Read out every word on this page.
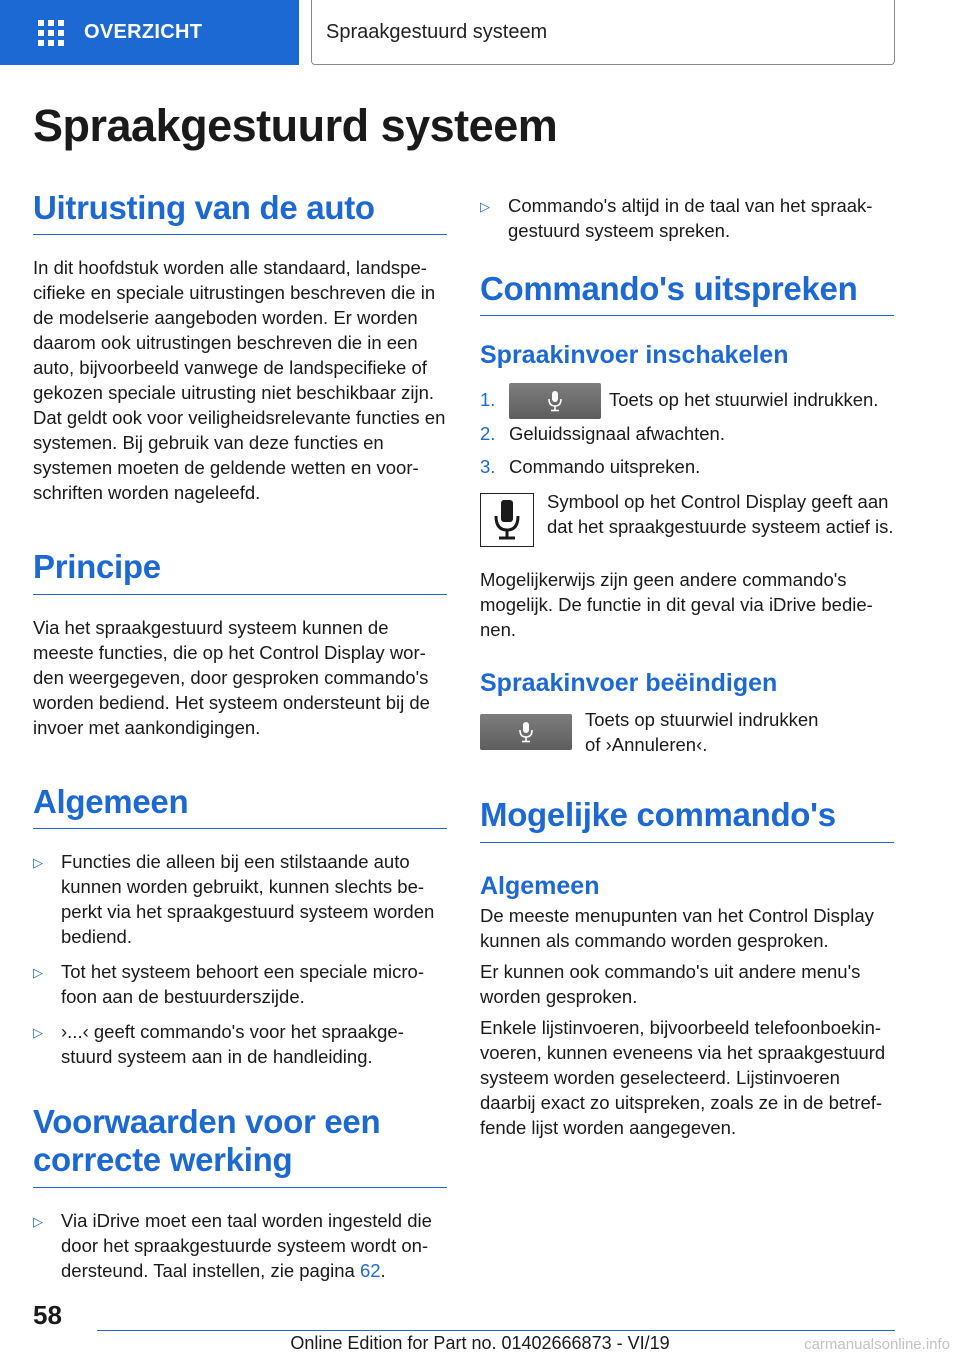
OVERZICHT	Spraakgestuurd systeem
Spraakgestuurd systeem
Uitrusting van de auto

In dit hoofdstuk worden alle standaard, landspe-cifieke en speciale uitrustingen beschreven die in de modelserie aangeboden worden. Er worden daarom ook uitrustingen beschreven die in een auto, bijvoorbeeld vanwege de landspecifieke of gekozen speciale uitrusting niet beschikbaar zijn. Dat geldt ook voor veiligheidsrelevante functies en systemen. Bij gebruik van deze functies en systemen moeten de geldende wetten en voor-schriften worden nageleefd.

Principe

Via het spraakgestuurd systeem kunnen de meeste functies, die op het Control Display wor-den weergegeven, door gesproken commando's worden bediend. Het systeem ondersteunt bij de invoer met aankondigingen.

Algemeen
▷ Functies die alleen bij een stilstaande auto kunnen worden gebruikt, kunnen slechts be-perkt via het spraakgestuurd systeem worden bediend.
▷ Tot het systeem behoort een speciale micro-foon aan de bestuurderszijde.
▷ ›...‹ geeft commando's voor het spraakge-stuurd systeem aan in de handleiding.
Voorwaarden voor een correcte werking
▷ Via iDrive moet een taal worden ingesteld die door het spraakgestuurde systeem wordt on-dersteund. Taal instellen, zie pagina 62.
▷ Commando's altijd in de taal van het spraak-gestuurd systeem spreken.
Commando's uitspreken
Spraakinvoer inschakelen
1.	Toets op het stuurwiel indrukken.
2. Geluidssignaal afwachten.
3. Commando uitspreken.

Symbool op het Control Display geeft aan dat het spraakgestuurde systeem actief is.

Mogelijkerwijs zijn geen andere commando's mogelijk. De functie in dit geval via iDrive bedie-nen.

Spraakinvoer beëindigen

Toets op stuurwiel indrukken of ›Annuleren‹.

Mogelijke commando's
Algemeen

De meeste menupunten van het Control Display kunnen als commando worden gesproken.

Er kunnen ook commando's uit andere menu's worden gesproken.

Enkele lijstinvoeren, bijvoorbeeld telefoonboekin-voeren, kunnen eveneens via het spraakgestuurd systeem worden geselecteerd. Lijstinvoeren daarbij exact zo uitspreken, zoals ze in de betref-fende lijst worden aangegeven.

58
Online Edition for Part no. 01402666873 - VI/19	carmanualsonline.info
